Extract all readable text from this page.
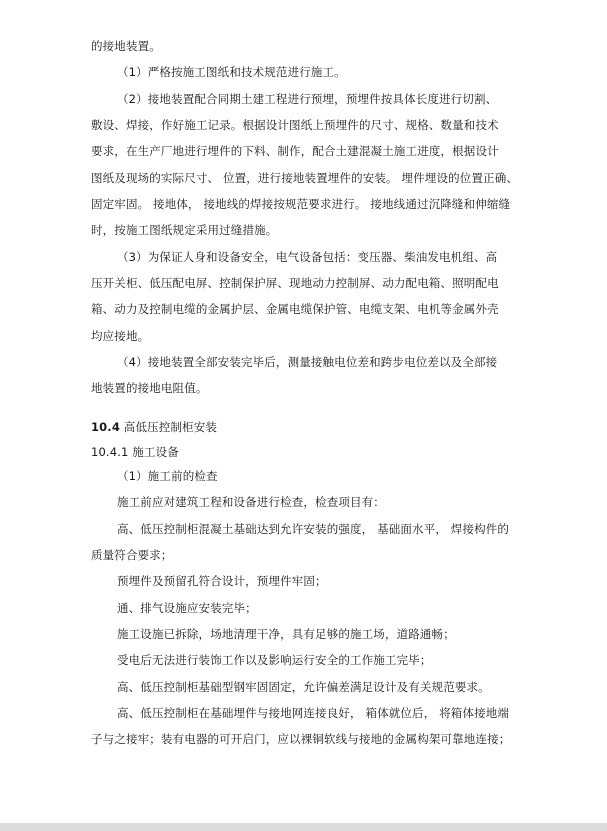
的接地装置。
（1）严格按施工图纸和技术规范进行施工。
（2）接地装置配合同期土建工程进行预埋，预埋件按具体长度进行切割、
敷设、焊接，作好施工记录。根据设计图纸上预埋件的尺寸、规格、数量和技术
要求，在生产厂地进行埋件的下料、制作，配合土建混凝土施工进度，根据设计
图纸及现场的实际尺寸、 位置，进行接地装置埋件的安装。 埋件埋设的位置正确、
固定牢固。 接地体， 接地线的焊接按规范要求进行。 接地线通过沉降缝和伸缩缝
时，按施工图纸规定采用过缝措施。
（3）为保证人身和设备安全，电气设备包括：变压器、柴油发电机组、高
压开关柜、低压配电屏、控制保护屏、现地动力控制屏、动力配电箱、照明配电
箱、动力及控制电缆的金属护层、金属电缆保护管、电缆支架、电机等金属外壳
均应接地。
（4）接地装置全部安装完毕后，测量接触电位差和跨步电位差以及全部接
地装置的接地电阻值。
10.4 高低压控制柜安装
10.4.1 施工设备
（1）施工前的检查
施工前应对建筑工程和设备进行检查，检查项目有：
高、低压控制柜混凝土基础达到允许安装的强度， 基础面水平， 焊接构件的
质量符合要求；
预埋件及预留孔符合设计，预埋件牢固；
通、排气设施应安装完毕；
施工设施已拆除，场地清理干净，具有足够的施工场，道路通畅；
受电后无法进行装饰工作以及影响运行安全的工作施工完毕；
高、低压控制柜基础型钢牢固固定，允许偏差满足设计及有关规范要求。
高、低压控制柜在基础埋件与接地网连接良好， 箱体就位后， 将箱体接地端
子与之接牢；装有电器的可开启门，应以裸铜软线与接地的金属构架可靠地连接；
